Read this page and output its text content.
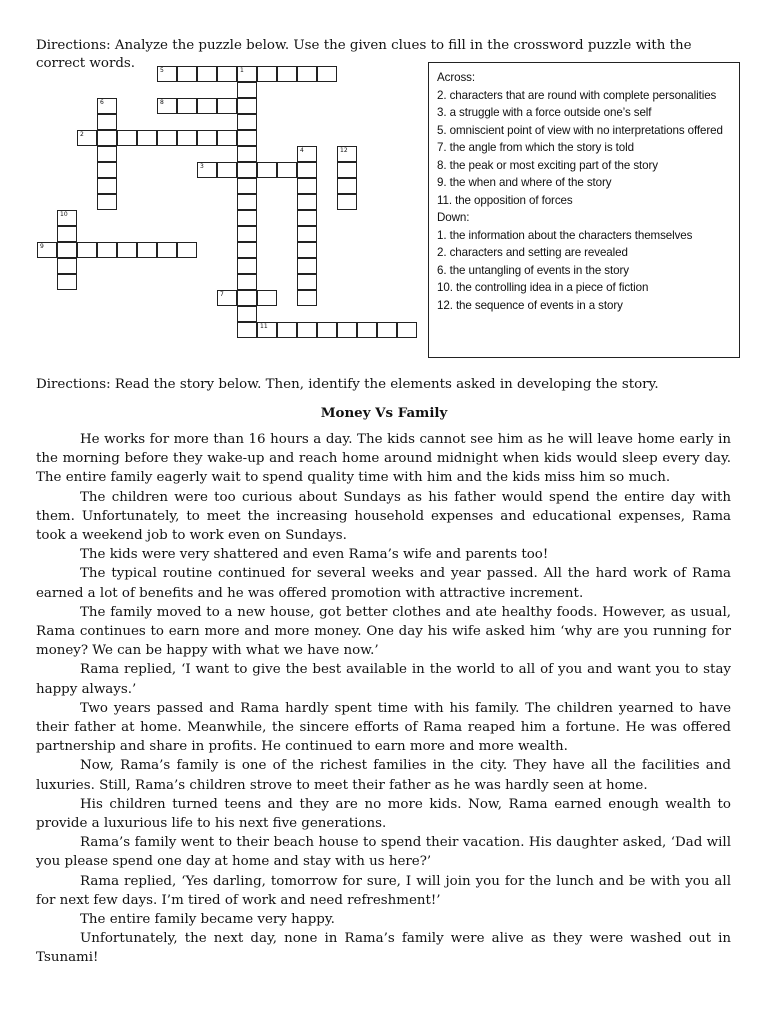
Directions: Analyze the puzzle below. Use the given clues to fill in the crossword puzzle with the
correct words.	5	1
8
6
2
4	12
3
10
9
7
11
Across:
2. characters that are round with complete personalities
3. a struggle with a force outside one’s self
5. omniscient point of view with no interpretations offered
7. the angle from which the story is told
8. the peak or most exciting part of the story
9. the when and where of the story
11. the opposition of forces
Down:
1. the information about the characters themselves
2. characters and setting are revealed
6. the untangling of events in the story
10. the controlling idea in a piece of fiction
12. the sequence of events in a story
Directions: Read the story below. Then, identify the elements asked in developing the story.
Money Vs Family

He works for more than 16 hours a day. The kids cannot see him as he will leave home early in the morning before they wake-up and reach home around midnight when kids would sleep every day. The entire family eagerly wait to spend quality time with him and the kids miss him so much.

The children were too curious about Sundays as his father would spend the entire day with them. Unfortunately, to meet the increasing household expenses and educational expenses, Rama took a weekend job to work even on Sundays.

The kids were very shattered and even Rama’s wife and parents too!

The typical routine continued for several weeks and year passed. All the hard work of Rama earned a lot of benefits and he was offered promotion with attractive increment.

The family moved to a new house, got better clothes and ate healthy foods. However, as usual, Rama continues to earn more and more money. One day his wife asked him ‘why are you running for money? We can be happy with what we have now.’

Rama replied, ‘I want to give the best available in the world to all of you and want you to stay happy always.’

Two years passed and Rama hardly spent time with his family. The children yearned to have their father at home. Meanwhile, the sincere efforts of Rama reaped him a fortune. He was offered partnership and share in profits. He continued to earn more and more wealth.

Now, Rama’s family is one of the richest families in the city. They have all the facilities and luxuries. Still, Rama’s children strove to meet their father as he was hardly seen at home.

His children turned teens and they are no more kids. Now, Rama earned enough wealth to provide a luxurious life to his next five generations.

Rama’s family went to their beach house to spend their vacation. His daughter asked, ‘Dad will you please spend one day at home and stay with us here?’

Rama replied, ‘Yes darling, tomorrow for sure, I will join you for the lunch and be with you all for next few days. I’m tired of work and need refreshment!’

The entire family became very happy.

Unfortunately, the next day, none in Rama’s family were alive as they were washed out in Tsunami!
